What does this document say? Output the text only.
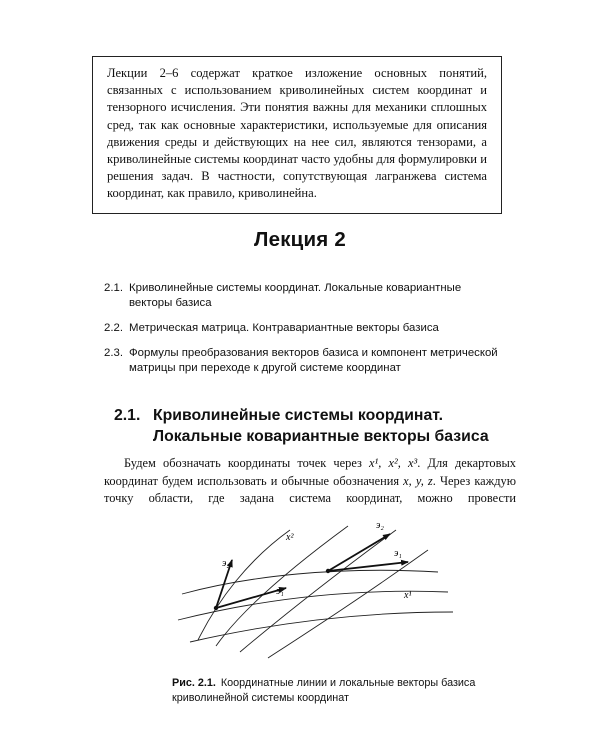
Лекции 2–6 содержат краткое изложение основных понятий, связанных с использованием криволинейных систем координат и тензорного исчисления. Эти понятия важны для механики сплошных сред, так как основные характеристики, используемые для описания движения среды и действующих на нее сил, являются тензорами, а криволинейные системы координат часто удобны для формулировки и решения задач. В частности, сопутствующая лагранжева система координат, как правило, криволинейна.

Лекция 2
2.1. Криволинейные системы координат. Локальные ковариантные векторы базиса
2.2. Метрическая матрица. Контравариантные векторы базиса
2.3. Формулы преобразования векторов базиса и компонент метрической матрицы при переходе к другой системе координат
2.1. Криволинейные системы координат.
Локальные ковариантные векторы базиса
Будем обозначать координаты точек через x¹, x², x³. Для декартовых координат будем использовать и обычные обозначения x, y, z. Через каждую точку области, где задана система координат, можно провести
x²
x¹
э₂
э₁
э₂
э₁
Рис. 2.1. Координатные линии и локальные векторы базиса криволинейной системы координат
